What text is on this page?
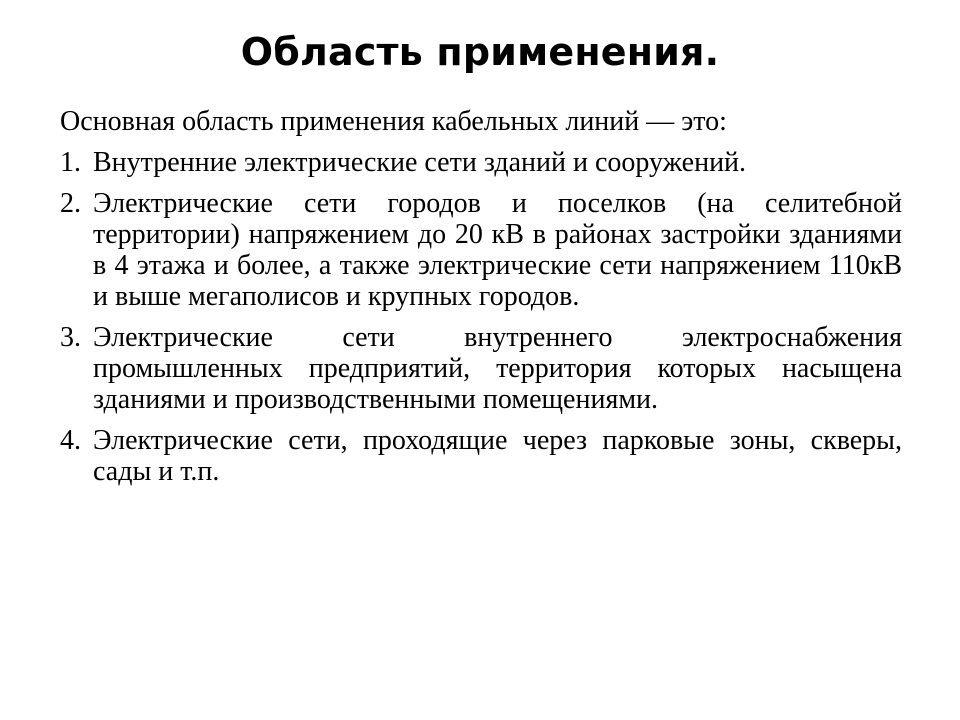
Область применения.

Основная область применения кабельных линий — это:

1. Внутренние электрические сети зданий и сооружений.
2. Электрические сети городов и поселков (на селитебной территории) напряжением до 20 кВ в районах застройки зданиями в 4 этажа и более, а также электрические сети напряжением 110кВ и выше мегаполисов и крупных городов.
3. Электрические сети внутреннего электроснабжения промышленных предприятий, территория которых насыщена зданиями и производственными помещениями.
4. Электрические сети, проходящие через парковые зоны, скверы, сады и т.п.
